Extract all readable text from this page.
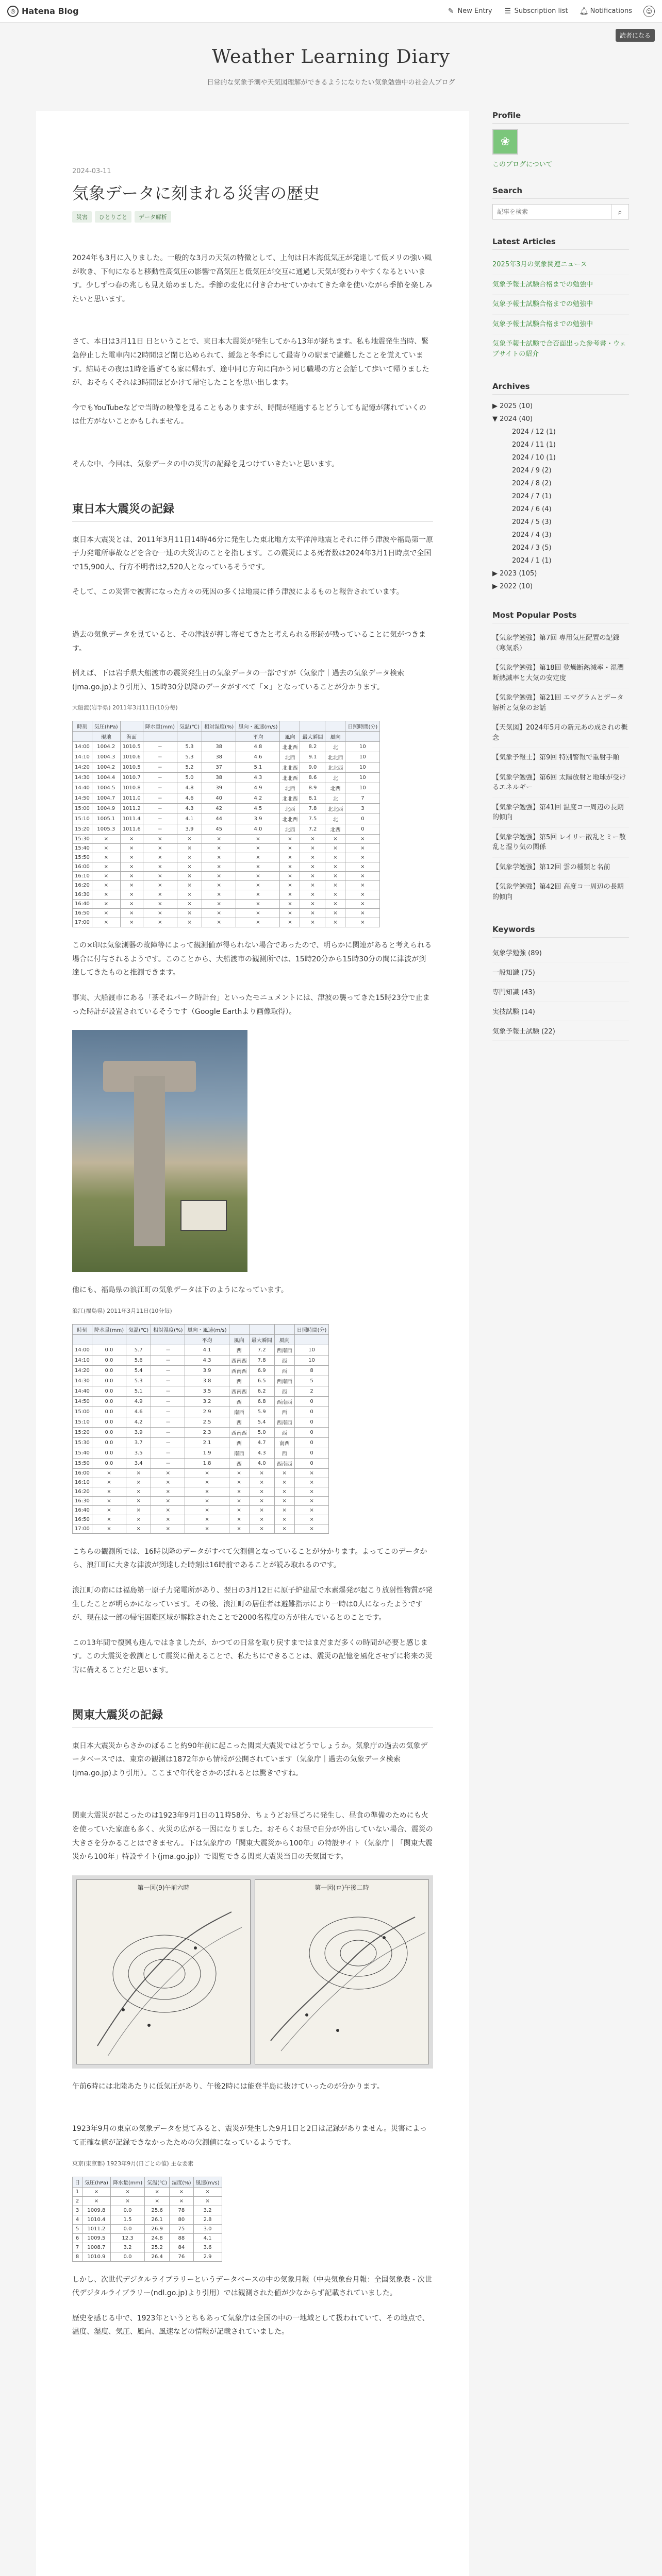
◎ Hatena Blog	✎ New Entry ☰ Subscription list 🔔︎ Notifications	☺
読者になる
Weather Learning Diary
日常的な気象予測や天気図理解ができるようになりたい気象勉強中の社会人ブログ
2024-03-11
気象データに刻まれる災害の歴史
災害	ひとりごと	データ解析

2024年も3月に入りました。一般的な3月の天気の特徴として、上旬は日本海低気圧が発達して低メリの強い風が吹き、下旬になると移動性高気圧の影響で高気圧と低気圧が交互に通過し天気が変わりやすくなるといいます。少しずつ春の兆しも見え始めました。季節の変化に付き合わせていかれてきた傘を使いながら季節を楽しみたいと思います。

さて、本日は3月11日 日ということで、東日本大震災が発生してから13年が経ちます。私も地震発生当時、緊急停止した電車内に2時間ほど閉じ込められて、緩急と冬季にして最寄りの駅まで避難したことを覚えています。結局その夜は1時を過ぎても家に帰れず、途中同じ方向に向かう同じ職場の方と会話して歩いて帰りましたが、おそらくそれは3時間ほどかけて帰宅したことを思い出します。

今でもYouTubeなどで当時の映像を見ることもありますが、時間が経過するとどうしても記憶が薄れていくのは仕方がないことかもしれません。

そんな中、今回は、気象データの中の災害の記録を見つけていきたいと思います。

東日本大震災の記録

東日本大震災とは、2011年3月11日14時46分に発生した東北地方太平洋沖地震とそれに伴う津波や福島第一原子力発電所事故などを含む一連の大災害のことを指します。この震災による死者数は2024年3月1日時点で全国で15,900人、行方不明者は2,520人となっているそうです。

そして、この災害で被害になった方々の死因の多くは地震に伴う津波によるものと報告されています。

過去の気象データを見ていると、その津波が押し寄せてきたと考えられる形跡が残っていることに気がつきます。

例えば、下は岩手県大船渡市の震災発生日の気象データの一部ですが（気象庁｜過去の気象データ検索(jma.go.jp)より引用）、15時30分以降のデータがすべて「×」となっていることが分かります。

大船渡(岩手県) 2011年3月11日(10分毎)
時刻	気圧(hPa)		降水量(mm)	気温(℃)	相対湿度(%)	風向・風速(m/s)				日照時間(分)
	現地	海面				平均	風向	最大瞬間	風向	
14:00	1004.2	1010.5	--	5.3	38	4.8	北北西	8.2	北	10
14:10	1004.3	1010.6	--	5.3	38	4.6	北西	9.1	北北西	10
14:20	1004.2	1010.5	--	5.2	37	5.1	北北西	9.0	北北西	10
14:30	1004.4	1010.7	--	5.0	38	4.3	北北西	8.6	北	10
14:40	1004.5	1010.8	--	4.8	39	4.9	北西	8.9	北西	10
14:50	1004.7	1011.0	--	4.6	40	4.2	北北西	8.1	北	7
15:00	1004.9	1011.2	--	4.3	42	4.5	北西	7.8	北北西	3
15:10	1005.1	1011.4	--	4.1	44	3.9	北北西	7.5	北	0
15:20	1005.3	1011.6	--	3.9	45	4.0	北西	7.2	北西	0
15:30	×	×	×	×	×	×	×	×	×	×
15:40	×	×	×	×	×	×	×	×	×	×
15:50	×	×	×	×	×	×	×	×	×	×
16:00	×	×	×	×	×	×	×	×	×	×
16:10	×	×	×	×	×	×	×	×	×	×
16:20	×	×	×	×	×	×	×	×	×	×
16:30	×	×	×	×	×	×	×	×	×	×
16:40	×	×	×	×	×	×	×	×	×	×
16:50	×	×	×	×	×	×	×	×	×	×
17:00	×	×	×	×	×	×	×	×	×	×

この×印は気象測器の故障等によって観測値が得られない場合であったので、明らかに関連があると考えられる場合に付与されるようです。このことから、大船渡市の観測所では、15時20分から15時30分の間に津波が到達してきたものと推測できます。

事実、大船渡市にある「茶そねパーク時計台」といったモニュメントには、津波の襲ってきた15時23分で止まった時計が設置されているそうです（Google Earthより画像取得）。

他にも、福島県の浪江町の気象データは下のようになっています。

浪江(福島県) 2011年3月11日(10分毎)
時刻	降水量(mm)	気温(℃)	相対湿度(%)	風向・風速(m/s)				日照時間(分)
				平均	風向	最大瞬間	風向	
14:00	0.0	5.7	--	4.1	西	7.2	西南西	10
14:10	0.0	5.6	--	4.3	西南西	7.8	西	10
14:20	0.0	5.4	--	3.9	西南西	6.9	西	8
14:30	0.0	5.3	--	3.8	西	6.5	西南西	5
14:40	0.0	5.1	--	3.5	西南西	6.2	西	2
14:50	0.0	4.9	--	3.2	西	6.8	西南西	0
15:00	0.0	4.6	--	2.9	南西	5.9	西	0
15:10	0.0	4.2	--	2.5	西	5.4	西南西	0
15:20	0.0	3.9	--	2.3	西南西	5.0	西	0
15:30	0.0	3.7	--	2.1	西	4.7	南西	0
15:40	0.0	3.5	--	1.9	南西	4.3	西	0
15:50	0.0	3.4	--	1.8	西	4.0	西南西	0
16:00	×	×	×	×	×	×	×	×
16:10	×	×	×	×	×	×	×	×
16:20	×	×	×	×	×	×	×	×
16:30	×	×	×	×	×	×	×	×
16:40	×	×	×	×	×	×	×	×
16:50	×	×	×	×	×	×	×	×
17:00	×	×	×	×	×	×	×	×

こちらの観測所では、16時以降のデータがすべて欠測値となっていることが分かります。よってこのデータから、浪江町に大きな津波が到達した時刻は16時前であることが読み取れるのです。

浪江町の南には福島第一原子力発電所があり、翌日の3月12日に原子炉建屋で水素爆発が起こり放射性物質が発生したことが明らかになっています。その後、浪江町の居住者は避難指示により一時は0人になったようですが、現在は一部の帰宅困難区域が解除されたことで2000名程度の方が住んでいるとのことです。

この13年間で復興も進んではきましたが、かつての日常を取り戻すまではまだまだ多くの時間が必要と感じます。この大震災を教訓として震災に備えることで、私たちにできることは、震災の記憶を風化させずに将来の災害に備えることだと思います。

関東大震災の記録

東日本大震災からさかのぼること約90年前に起こった関東大震災ではどうでしょうか。気象庁の過去の気象データベースでは、東京の観測は1872年から情報が公開されています（気象庁｜過去の気象データ検索(jma.go.jp)より引用）。ここまで年代をさかのぼれるとは驚きですね。

関東大震災が起こったのは1923年9月1日の11時58分、ちょうどお昼ごろに発生し、昼食の準備のためにも火を使っていた家庭も多く、火災の広がる一因になりました。おそらくお昼で自分が外出していない場合、震災の大きさを分かることはできません。下は気象庁の「関東大震災から100年」の特設サイト（気象庁｜「関東大震災から100年」特設サイト(jma.go.jp)）で閲覧できる関東大震災当日の天気図です。

第一図(9)午前六時	第一図(ロ)午後二時

午前6時には北陸あたりに低気圧があり、午後2時には能登半島に抜けていったのが分かります。

1923年9月の東京の気象データを見てみると、震災が発生した9月1日と2日は記録がありません。災害によって正確な値が記録できなかったための欠測値になっているようです。

東京(東京都) 1923年9月(日ごとの値) 主な要素
日	気圧(hPa)	降水量(mm)	気温(℃)	湿度(%)	風速(m/s)
1	×	×	×	×	×
2	×	×	×	×	×
3	1009.8	0.0	25.6	78	3.2
4	1010.4	1.5	26.1	80	2.8
5	1011.2	0.0	26.9	75	3.0
6	1009.5	12.3	24.8	88	4.1
7	1008.7	3.2	25.2	84	3.6
8	1010.9	0.0	26.4	76	2.9

しかし、次世代デジタルライブラリーというデータベースの中の気象月報（中央気象台月報：全国気象表 - 次世代デジタルライブラリー(ndl.go.jp)より引用）では観測された値が少なからず記載されていました。

歴史を感じる中で、1923年というとちもあって気象庁は全国の中の一地域として扱われていて、その地点で、温度、湿度、気圧、風向、風速などの情報が記載されていました。

Profile
❀
このブログについて
Search
記事を検索
⌕
Latest Articles
2025年3月の気象関連ニュース
気象予報士試験合格までの勉強中
気象予報士試験合格までの勉強中
気象予報士試験合格までの勉強中
気象予報士試験で合否面出った参考書・ウェブサイトの紹介
Archives
▶ 2025 (10)
▼ 2024 (40)
2024 / 12 (1)
2024 / 11 (1)
2024 / 10 (1)
2024 / 9 (2)
2024 / 8 (2)
2024 / 7 (1)
2024 / 6 (4)
2024 / 5 (3)
2024 / 4 (3)
2024 / 3 (5)
2024 / 1 (1)
▶ 2023 (105)
▶ 2022 (10)
Most Popular Posts
【気象学勉強】第7回 専用気圧配置の記録（寒気系）
【気象学勉強】第18回 乾燥断熱減率・湿潤断熱減率と大気の安定度
【気象学勉強】第21回 エマグラムとデータ解析と気象のお話
【天気図】2024年5月の新元あの成されの概念
【気象予報士】第9回 特別警報で重射手順
【気象学勉強】第6回 太陽放射と地球が受けるエネルギー
【気象学勉強】第41回 温度コ一周辺の長期的傾向
【気象学勉強】第5回 レイリー散乱とミー散乱と湿り気の関係
【気象学勉強】第12回 雲の種類と名前
【気象学勉強】第42回 高度コ一周辺の長期的傾向
Keywords
気象学勉強 (89)
一般知識 (75)
専門知識 (43)
実技試験 (14)
気象予報士試験 (22)
